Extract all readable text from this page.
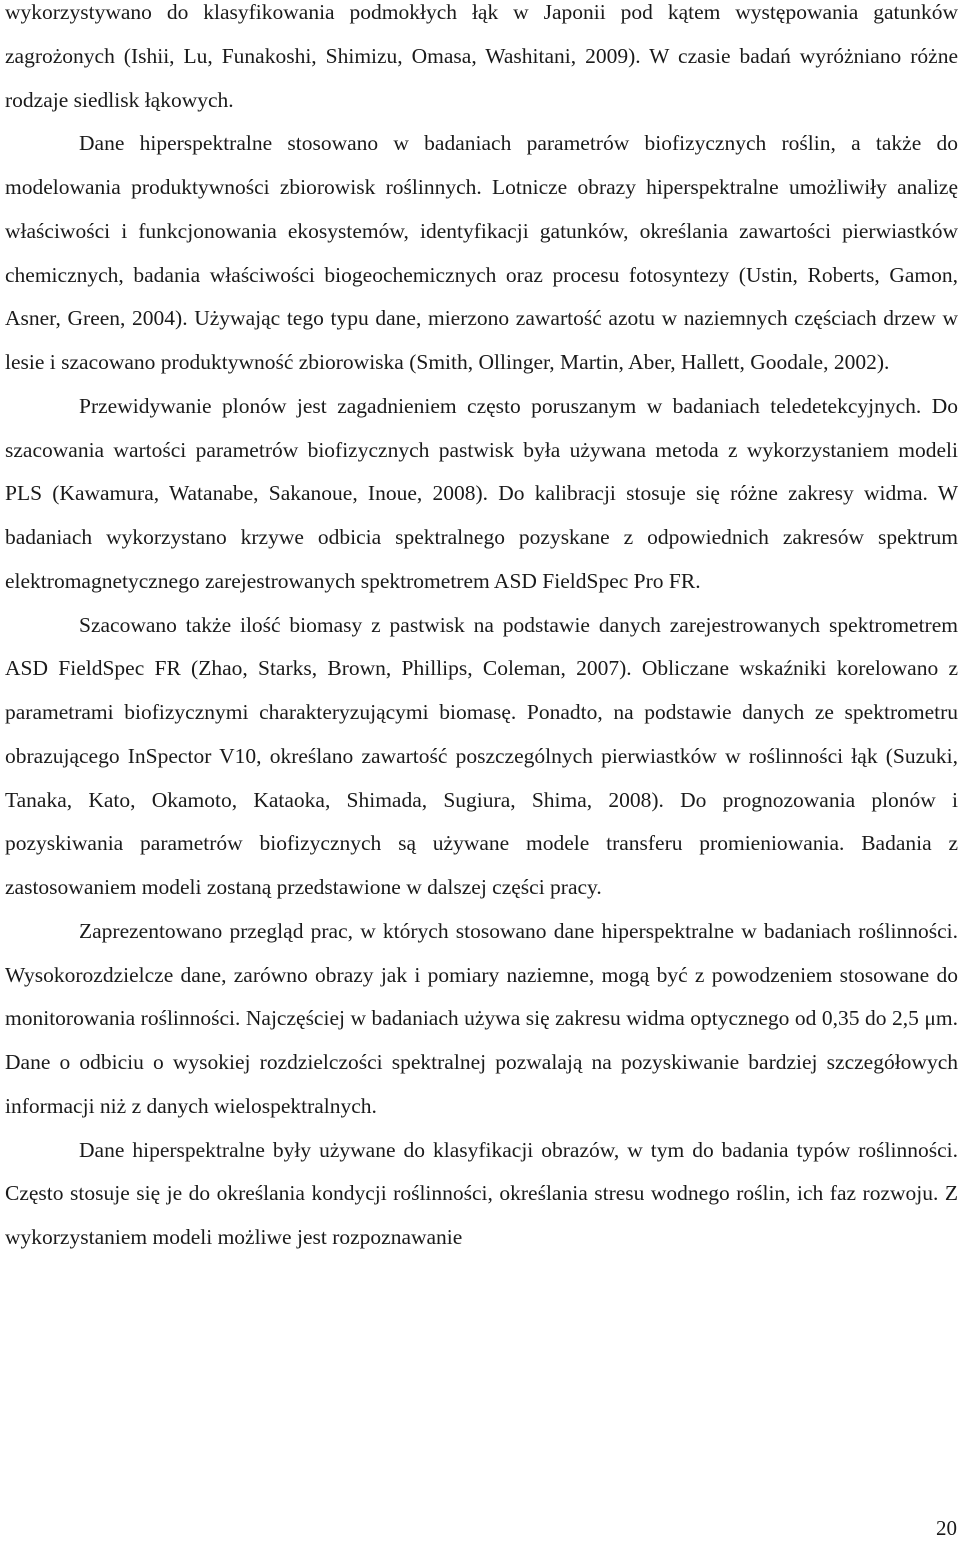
wykorzystywano do klasyfikowania podmokłych łąk w Japonii pod kątem występowania gatunków zagrożonych (Ishii, Lu, Funakoshi, Shimizu, Omasa, Washitani, 2009). W czasie badań wyróżniano różne rodzaje siedlisk łąkowych.

Dane hiperspektralne stosowano w badaniach parametrów biofizycznych roślin, a także do modelowania produktywności zbiorowisk roślinnych. Lotnicze obrazy hiperspektralne umożliwiły analizę właściwości i funkcjonowania ekosystemów, identyfikacji gatunków, określania zawartości pierwiastków chemicznych, badania właściwości biogeochemicznych oraz procesu fotosyntezy (Ustin, Roberts, Gamon, Asner, Green, 2004). Używając tego typu dane, mierzono zawartość azotu w naziemnych częściach drzew w lesie i szacowano produktywność zbiorowiska (Smith, Ollinger, Martin, Aber, Hallett, Goodale, 2002).

Przewidywanie plonów jest zagadnieniem często poruszanym w badaniach teledetekcyjnych. Do szacowania wartości parametrów biofizycznych pastwisk była używana metoda z wykorzystaniem modeli PLS (Kawamura, Watanabe, Sakanoue, Inoue, 2008). Do kalibracji stosuje się różne zakresy widma. W badaniach wykorzystano krzywe odbicia spektralnego pozyskane z odpowiednich zakresów spektrum elektromagnetycznego zarejestrowanych spektrometrem ASD FieldSpec Pro FR.

Szacowano także ilość biomasy z pastwisk na podstawie danych zarejestrowanych spektrometrem ASD FieldSpec FR (Zhao, Starks, Brown, Phillips, Coleman, 2007). Obliczane wskaźniki korelowano z parametrami biofizycznymi charakteryzującymi biomasę. Ponadto, na podstawie danych ze spektrometru obrazującego InSpector V10, określano zawartość poszczególnych pierwiastków w roślinności łąk (Suzuki, Tanaka, Kato, Okamoto, Kataoka, Shimada, Sugiura, Shima, 2008). Do prognozowania plonów i pozyskiwania parametrów biofizycznych są używane modele transferu promieniowania. Badania z zastosowaniem modeli zostaną przedstawione w dalszej części pracy.

Zaprezentowano przegląd prac, w których stosowano dane hiperspektralne w badaniach roślinności. Wysokorozdzielcze dane, zarówno obrazy jak i pomiary naziemne, mogą być z powodzeniem stosowane do monitorowania roślinności. Najczęściej w badaniach używa się zakresu widma optycznego od 0,35 do 2,5 μm. Dane o odbiciu o wysokiej rozdzielczości spektralnej pozwalają na pozyskiwanie bardziej szczegółowych informacji niż z danych wielospektralnych.

Dane hiperspektralne były używane do klasyfikacji obrazów, w tym do badania typów roślinności. Często stosuje się je do określania kondycji roślinności, określania stresu wodnego roślin, ich faz rozwoju. Z wykorzystaniem modeli możliwe jest rozpoznawanie

20
